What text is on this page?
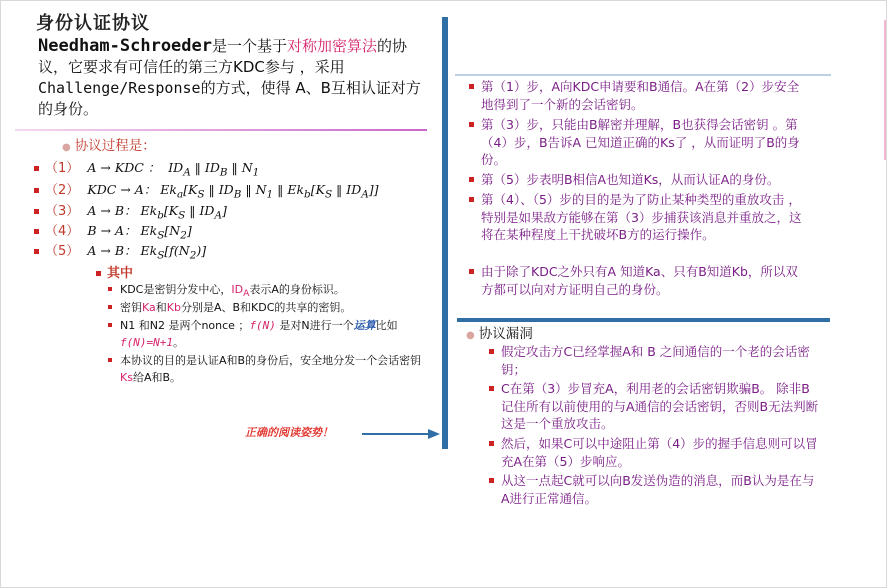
身份认证协议
Needham-Schroeder是一个基于对称加密算法的协议，它要求有可信任的第三方KDC参与 ，采用Challenge/Response的方式，使得 A、B互相认证对方的身份。
● 协议过程是：
（1） A → KDC ：  $ID_A$ ‖ $ID_B$ ‖ $N_1$
（2） KDC → A： $Ek_a[K_S$ ‖ $ID_B$ ‖ $N_1$ ‖ $Ek_b[K_S$ ‖ $ID_A$]]
（3） A → B： $Ek_b[K_S$ ‖ $ID_A$]
（4） B → A： $Ek_S[N_2]$
（5） A → B： $Ek_S[f(N_2)]$
其中
KDC是密钥分发中心，$ID_A$表示A的身份标识。
密钥Ka和Kb分别是A、B和KDC的共享的密钥。
N1 和N2 是两个nonce ；f(N) 是对N进行一个运算比如f(N)=N+1。
本协议的目的是认证A和B的身份后，安全地分发一个会话密钥Ks给A和B。
正确的阅读姿势！
第（1）步，A向KDC申请要和B通信。A在第（2）步安全地得到了一个新的会话密钥。
第（3）步，只能由B解密并理解，B也获得会话密钥 。第（4）步，B告诉A 已知道正确的Ks了 ，从而证明了B的身份。
第（5）步表明B相信A也知道Ks，从而认证A的身份。
第（4）、（5）步的目的是为了防止某种类型的重放攻击 ，特别是如果敌方能够在第（3）步捕获该消息并重放之，这将在某种程度上干扰破坏B方的运行操作。
由于除了KDC之外只有A 知道Ka、只有B知道Kb，所以双方都可以向对方证明自己的身份。
● 协议漏洞
假定攻击方C已经掌握A和 B 之间通信的一个老的会话密钥；
C在第（3）步冒充A，利用老的会话密钥欺骗B。 除非B记住所有以前使用的与A通信的会话密钥，否则B无法判断这是一个重放攻击。
然后，如果C可以中途阻止第（4）步的握手信息则可以冒充A在第（5）步响应。
从这一点起C就可以向B发送伪造的消息，而B认为是在与A进行正常通信。
